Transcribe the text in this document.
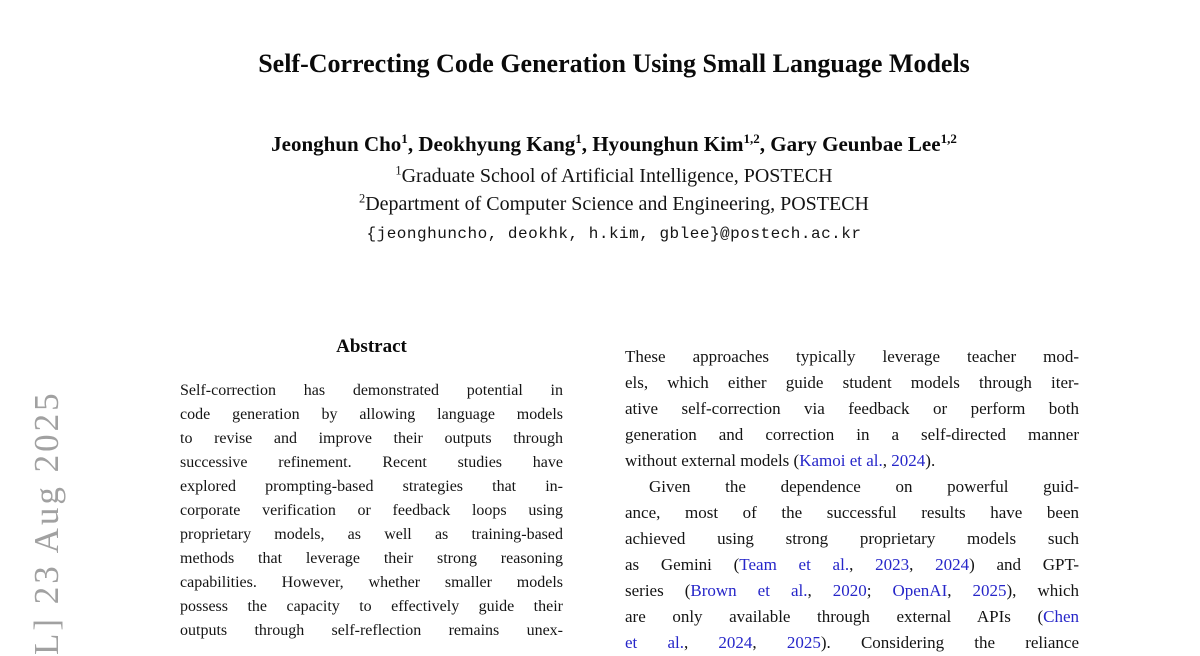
L] 23 Aug 2025
Self-Correcting Code Generation Using Small Language Models
Jeonghun Cho$^1$, Deokhyung Kang$^1$, Hyounghun Kim$^{1,2}$, Gary Geunbae Lee$^{1,2}$
$^1$Graduate School of Artificial Intelligence, POSTECH
$^2$Department of Computer Science and Engineering, POSTECH
{jeonghuncho, deokhk, h.kim, gblee}@postech.ac.kr
Abstract
Self-correction has demonstrated potential in
code generation by allowing language models
to revise and improve their outputs through
successive refinement. Recent studies have
explored prompting-based strategies that in-
corporate verification or feedback loops using
proprietary models, as well as training-based
methods that leverage their strong reasoning
capabilities. However, whether smaller models
possess the capacity to effectively guide their
outputs through self-reflection remains unex-
These approaches typically leverage teacher mod-
els, which either guide student models through iter-
ative self-correction via feedback or perform both
generation and correction in a self-directed manner
without external models (Kamoi et al., 2024).
Given the dependence on powerful guid-
ance, most of the successful results have been
achieved using strong proprietary models such
as Gemini (Team et al., 2023, 2024) and GPT-
series (Brown et al., 2020; OpenAI, 2025), which
are only available through external APIs (Chen
et al., 2024, 2025). Considering the reliance
